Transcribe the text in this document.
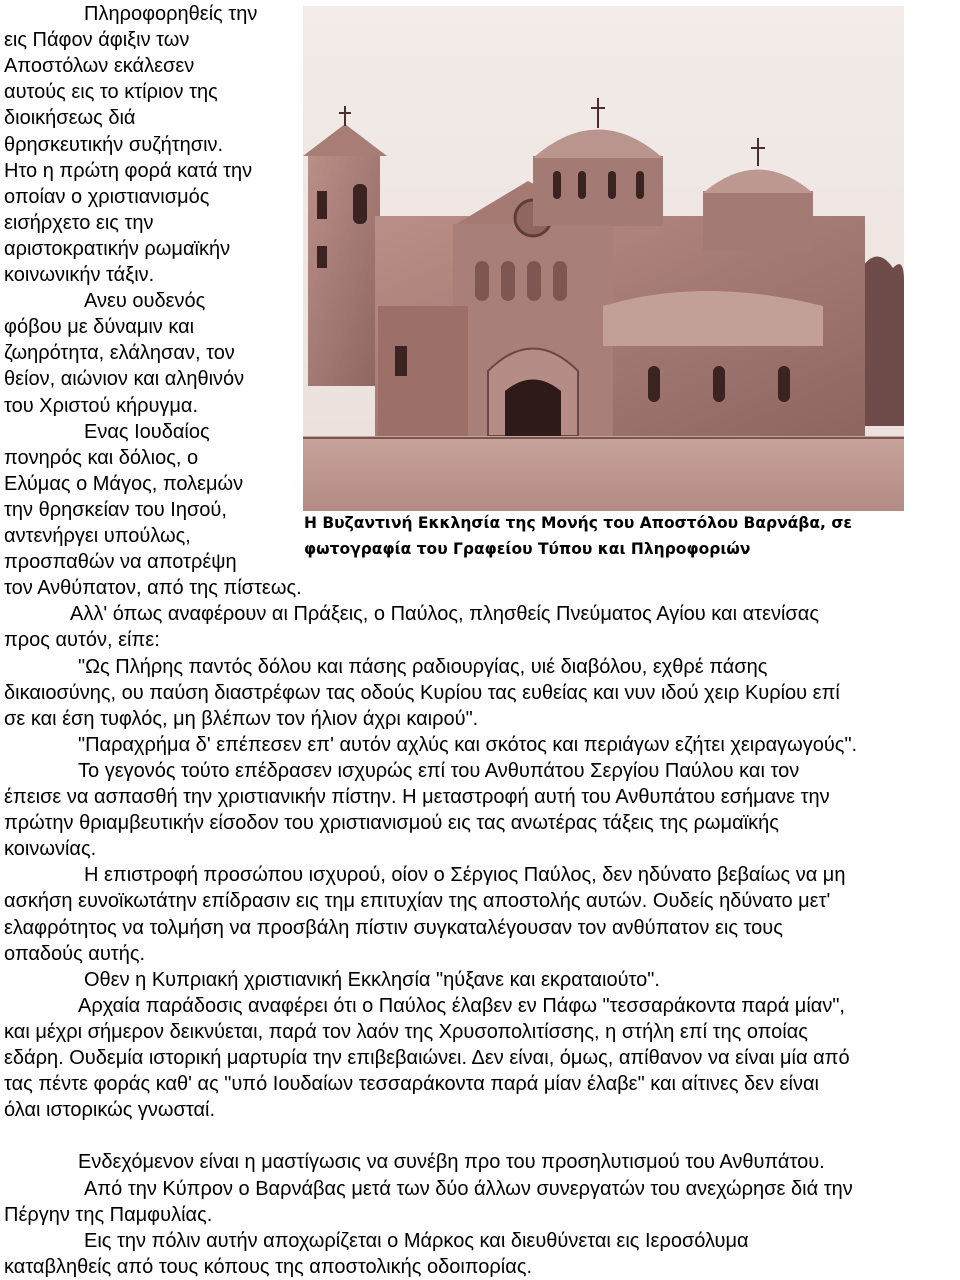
Πληροφορηθείς την
εις Πάφον άφιξιν των
Αποστόλων εκάλεσεν
αυτούς εις το κτίριον της
διοικήσεως διά
θρησκευτικήν συζήτησιν.
Ητο η πρώτη φορά κατά την
οποίαν ο χριστιανισμός
εισήρχετο εις την
αριστοκρατικήν ρωμαϊκήν
κοινωνικήν τάξιν.
Ανευ ουδενός
φόβου με δύναμιν και
ζωηρότητα, ελάλησαν, τον
θείον, αιώνιον και αληθινόν
του Χριστού κήρυγμα.
Ενας Ιουδαίος
πονηρός και δόλιος, ο
Ελύμας ο Μάγος, πολεμών
την θρησκείαν του Ιησού,
αντενήργει υπούλως,
προσπαθών να αποτρέψη
Η Βυζαντινή Εκκλησία της Μονής του Αποστόλου Βαρνάβα, σε
φωτογραφία του Γραφείου Τύπου και Πληροφοριών
τον Ανθύπατον, από της πίστεως.
Αλλ' όπως αναφέρουν αι Πράξεις, ο Παύλος, πλησθείς Πνεύματος Αγίου και ατενίσας
προς αυτόν, είπε:
"Ως Πλήρης παντός δόλου και πάσης ραδιουργίας, υιέ διαβόλου, εχθρέ πάσης
δικαιοσύνης, ου παύση διαστρέφων τας οδούς Κυρίου τας ευθείας και νυν ιδού χειρ Κυρίου επί
σε και έση τυφλός, μη βλέπων τον ήλιον άχρι καιρού".
"Παραχρήμα δ' επέπεσεν επ' αυτόν αχλύς και σκότος και περιάγων εζήτει χειραγωγούς".
Το γεγονός τούτο επέδρασεν ισχυρώς επί του Ανθυπάτου Σεργίου Παύλου και τον
έπεισε να ασπασθή την χριστιανικήν πίστην. Η μεταστροφή αυτή του Ανθυπάτου εσήμανε την
πρώτην θριαμβευτικήν είσοδον του χριστιανισμού εις τας ανωτέρας τάξεις της ρωμαϊκής
κοινωνίας.
Η επιστροφή προσώπου ισχυρού, οίον ο Σέργιος Παύλος, δεν ηδύνατο βεβαίως να μη
ασκήση ευνοϊκωτάτην επίδρασιν εις τημ επιτυχίαν της αποστολής αυτών. Ουδείς ηδύνατο μετ'
ελαφρότητος να τολμήση να προσβάλη πίστιν συγκαταλέγουσαν τον ανθύπατον εις τους
οπαδούς αυτής.
Οθεν η Κυπριακή χριστιανική Εκκλησία "ηύξανε και εκραταιούτο".
Αρχαία παράδοσις αναφέρει ότι ο Παύλος έλαβεν εν Πάφω "τεσσαράκοντα παρά μίαν",
και μέχρι σήμερον δεικνύεται, παρά τον λαόν της Χρυσοπολιτίσσης, η στήλη επί της οποίας
εδάρη. Ουδεμία ιστορική μαρτυρία την επιβεβαιώνει. Δεν είναι, όμως, απίθανον να είναι μία από
τας πέντε φοράς καθ' ας "υπό Ιουδαίων τεσσαράκοντα παρά μίαν έλαβε" και αίτινες δεν είναι
όλαι ιστορικώς γνωσταί.
Ενδεχόμενον είναι η μαστίγωσις να συνέβη προ του προσηλυτισμού του Ανθυπάτου.
Από την Κύπρον ο Βαρνάβας μετά των δύο άλλων συνεργατών του ανεχώρησε διά την
Πέργην της Παμφυλίας.
Εις την πόλιν αυτήν αποχωρίζεται ο Μάρκος και διευθύνεται εις Ιεροσόλυμα
καταβληθείς από τους κόπους της αποστολικής οδοιπορίας.
